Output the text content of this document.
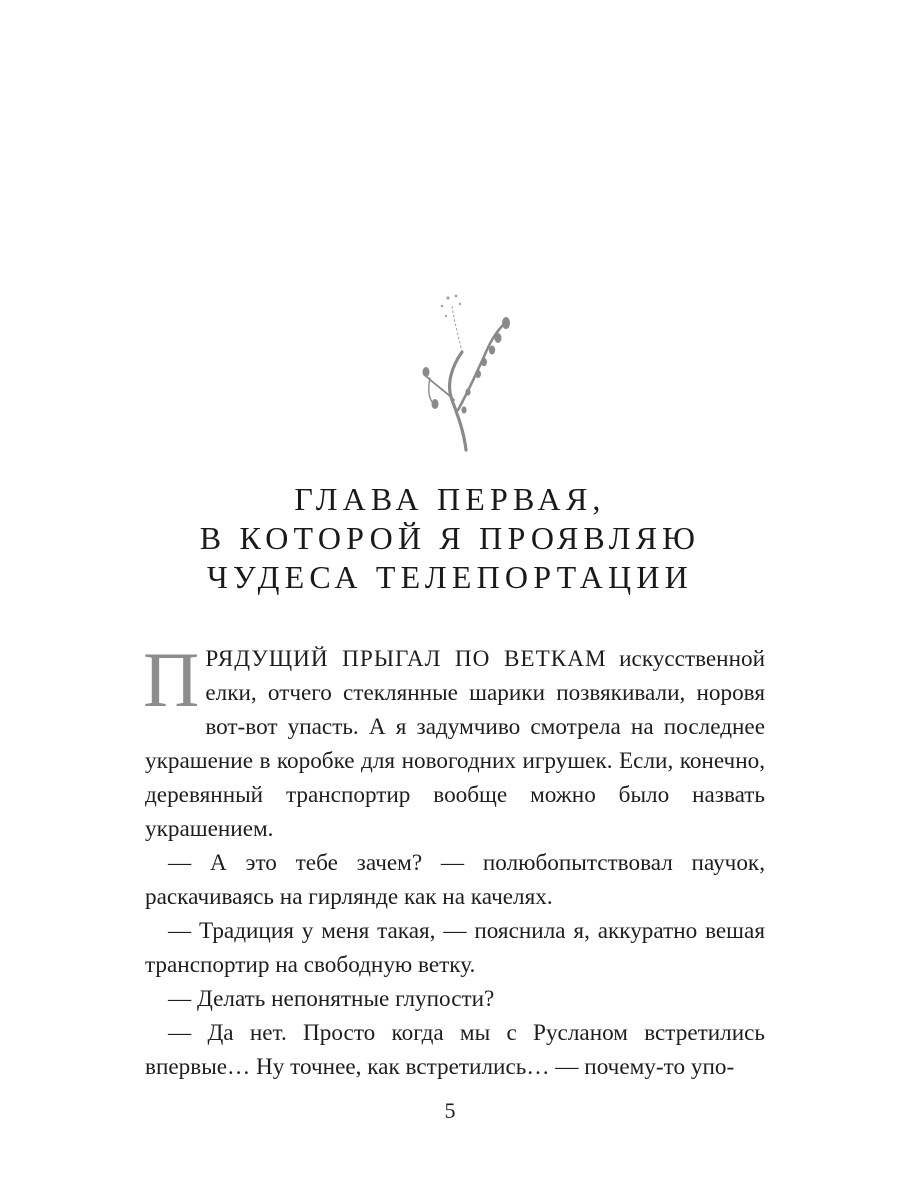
ГЛАВА ПЕРВАЯ,
В КОТОРОЙ Я ПРОЯВЛЯЮ
ЧУДЕСА ТЕЛЕПОРТАЦИИ

ПРЯДУЩИЙ ПРЫГАЛ ПО ВЕТКАМ искусственной елки, отчего стеклянные шарики позвякивали, норовя вот-вот упасть. А я задумчиво смотрела на последнее украшение в коробке для новогодних игрушек. Если, конечно, деревянный транспортир вообще можно было назвать украшением.

— А это тебе зачем? — полюбопытствовал паучок, раскачиваясь на гирлянде как на качелях.

— Традиция у меня такая, — пояснила я, аккуратно вешая транспортир на свободную ветку.

— Делать непонятные глупости?

— Да нет. Просто когда мы с Русланом встретились впервые… Ну точнее, как встретились… — почему-то упо-

5
